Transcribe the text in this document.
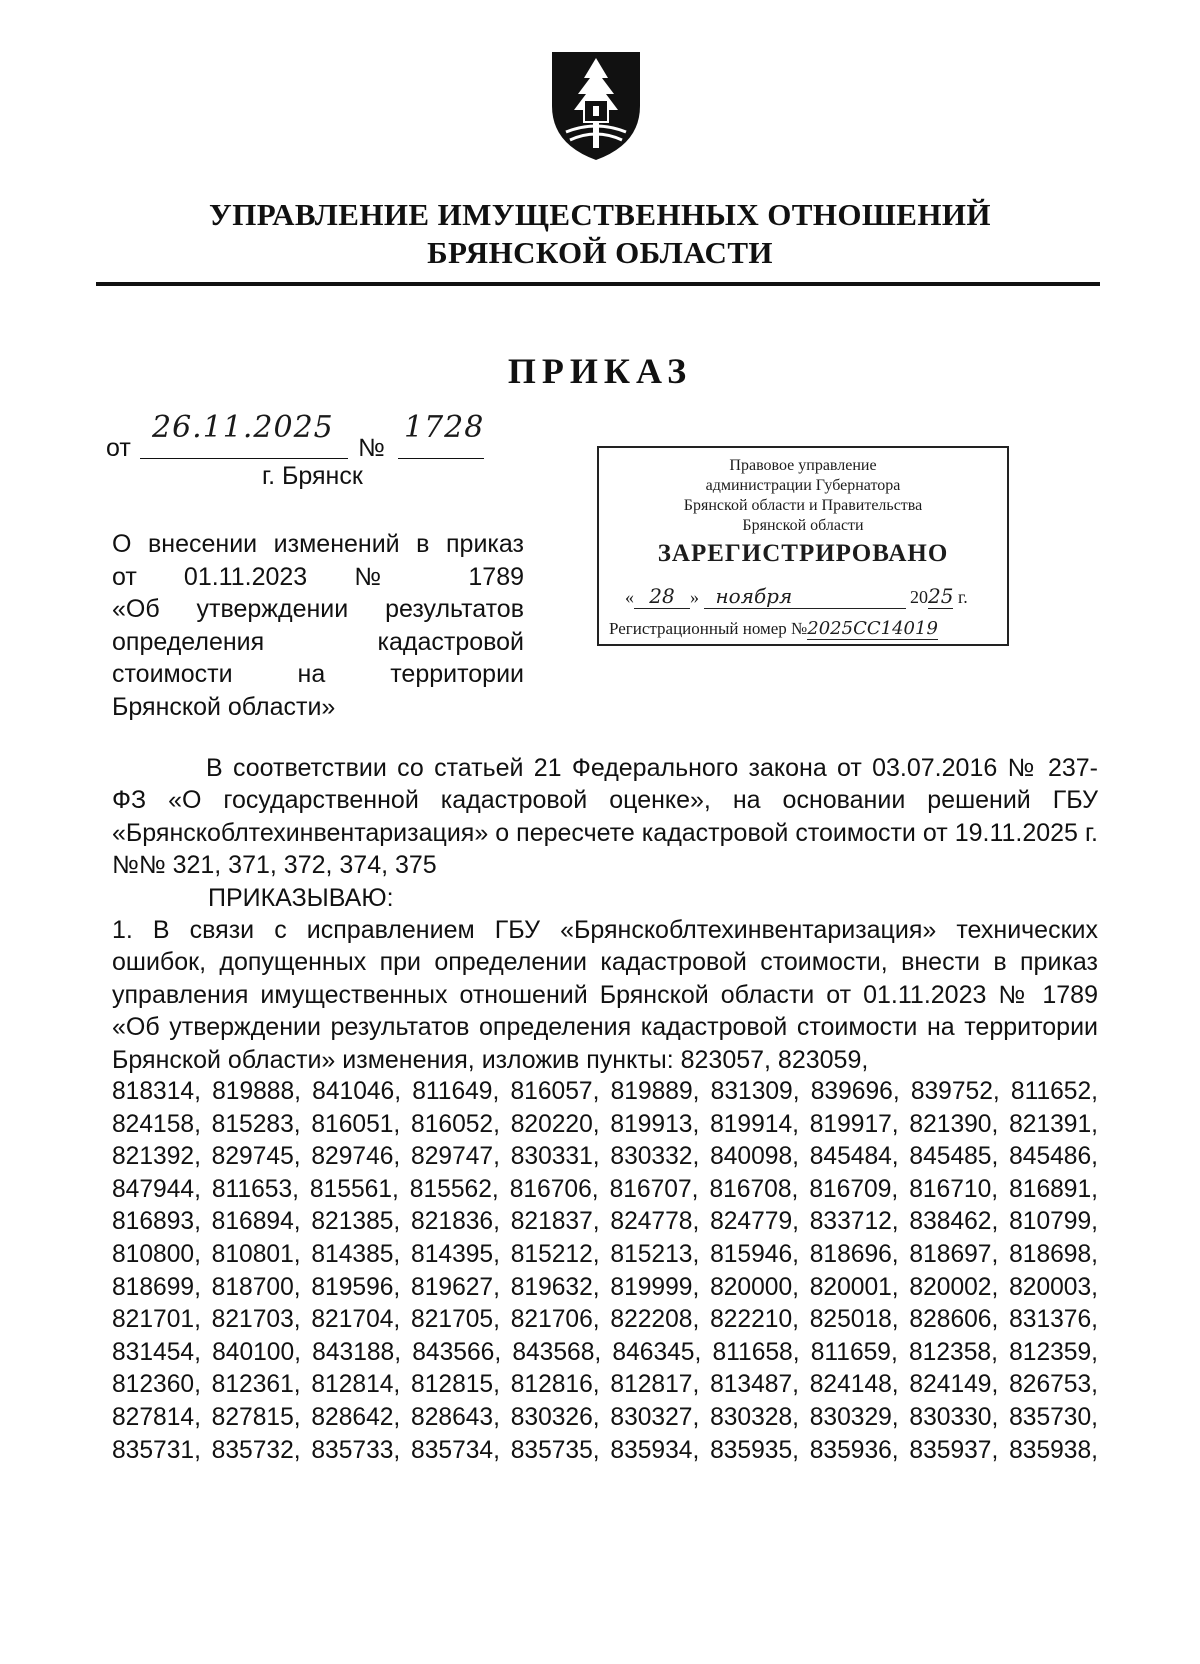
УПРАВЛЕНИЕ ИМУЩЕСТВЕННЫХ ОТНОШЕНИЙ
БРЯНСКОЙ ОБЛАСТИ
ПРИКАЗ
от
26.11.2025
№
1728
г. Брянск
О внесении изменений в приказ
от 01.11.2023 № 1789
«Об утверждении результатов
определения кадастровой
стоимости на территории
Брянской области»
Правовое управление
администрации Губернатора
Брянской области и Правительства
Брянской области
ЗАРЕГИСТРИРОВАНО
« 28 » ноября	2025 г.
Регистрационный номер №2025СС14019

В соответствии со статьей 21 Федерального закона от 03.07.2016 № 237-

ФЗ «О государственной кадастровой оценке», на основании решений ГБУ «Брянскоблтехинвентаризация» о пересчете кадастровой стоимости от 19.11.2025 г. №№ 321, 371, 372, 374, 375

ПРИКАЗЫВАЮ:

1. В связи с исправлением ГБУ «Брянскоблтехинвентаризация» технических ошибок, допущенных при определении кадастровой стоимости, внести в приказ управления имущественных отношений Брянской области от 01.11.2023 № 1789 «Об утверждении результатов определения кадастровой стоимости на территории Брянской области» изменения, изложив пункты: 823057, 823059,

818314, 819888, 841046, 811649, 816057, 819889, 831309, 839696, 839752, 811652,
824158, 815283, 816051, 816052, 820220, 819913, 819914, 819917, 821390, 821391,
821392, 829745, 829746, 829747, 830331, 830332, 840098, 845484, 845485, 845486,
847944, 811653, 815561, 815562, 816706, 816707, 816708, 816709, 816710, 816891,
816893, 816894, 821385, 821836, 821837, 824778, 824779, 833712, 838462, 810799,
810800, 810801, 814385, 814395, 815212, 815213, 815946, 818696, 818697, 818698,
818699, 818700, 819596, 819627, 819632, 819999, 820000, 820001, 820002, 820003,
821701, 821703, 821704, 821705, 821706, 822208, 822210, 825018, 828606, 831376,
831454, 840100, 843188, 843566, 843568, 846345, 811658, 811659, 812358, 812359,
812360, 812361, 812814, 812815, 812816, 812817, 813487, 824148, 824149, 826753,
827814, 827815, 828642, 828643, 830326, 830327, 830328, 830329, 830330, 835730,
835731, 835732, 835733, 835734, 835735, 835934, 835935, 835936, 835937, 835938,
